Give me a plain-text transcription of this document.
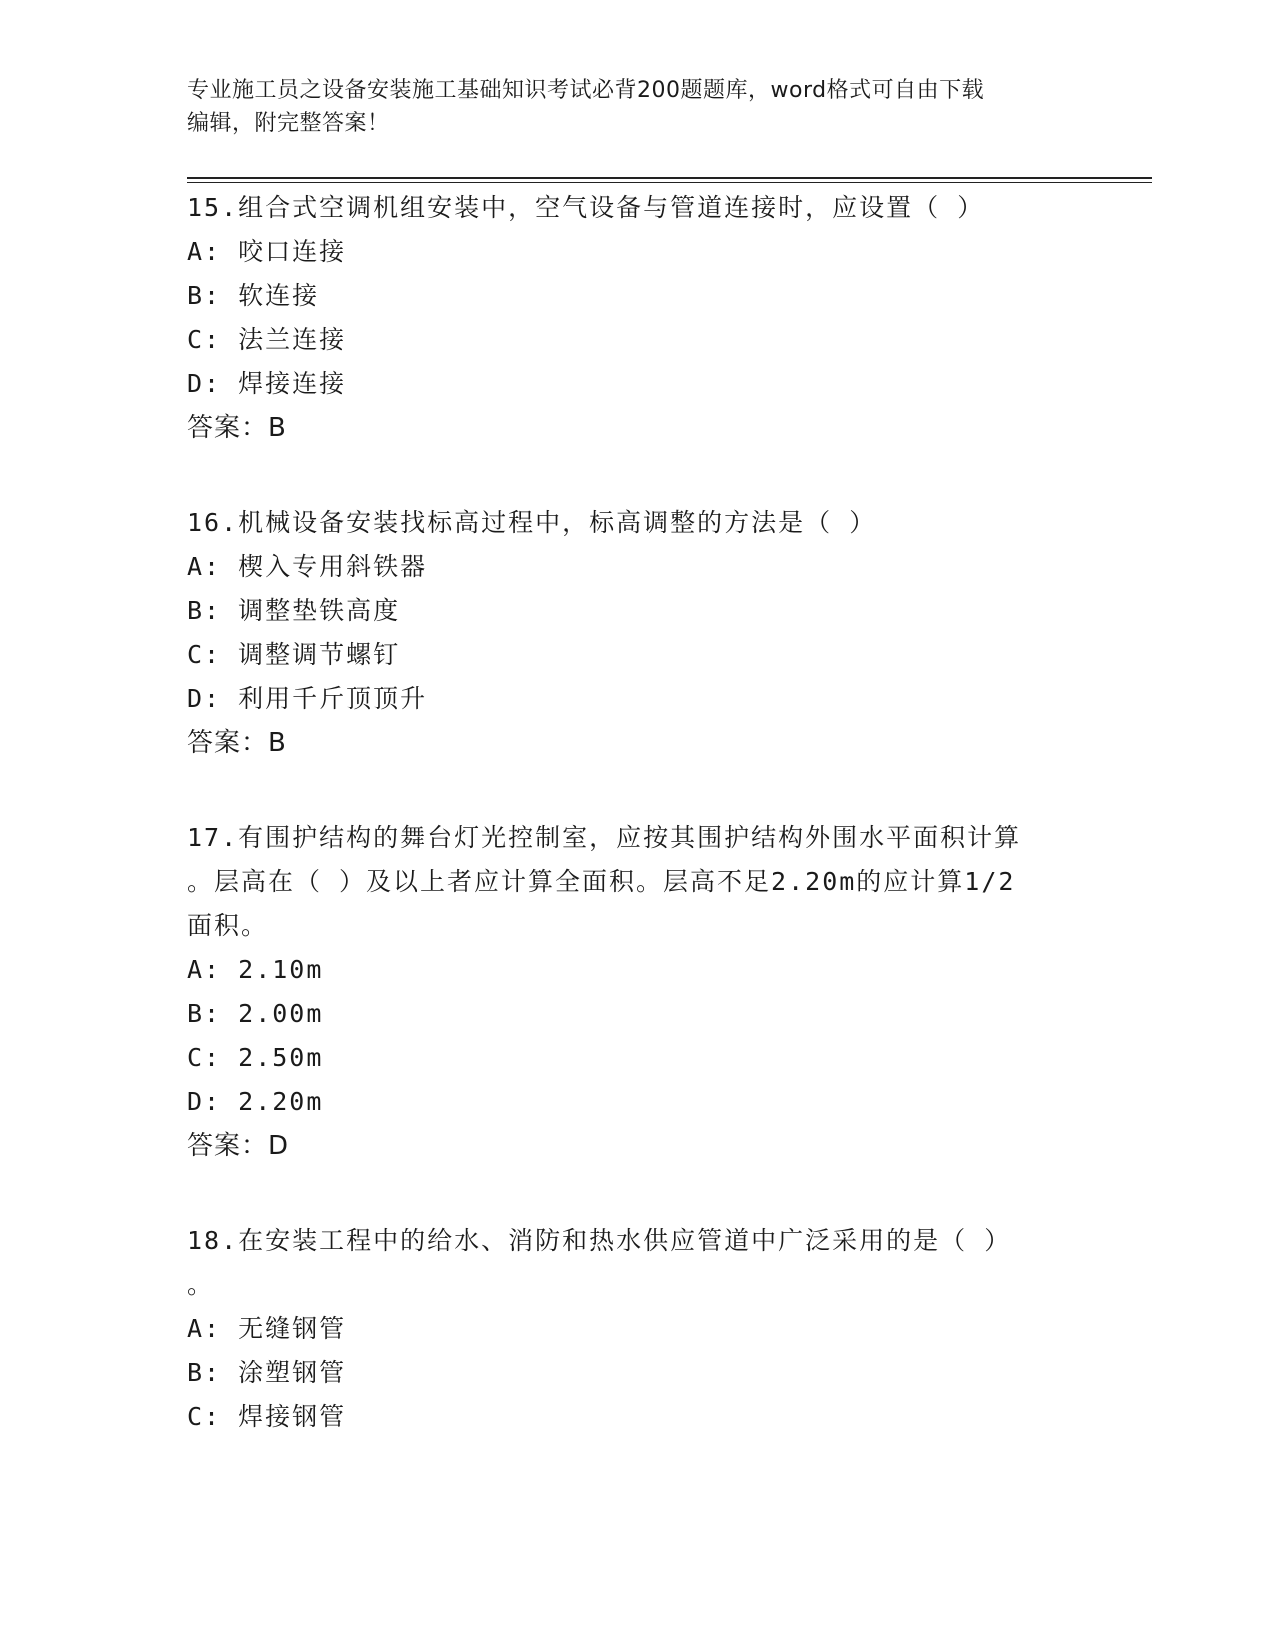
专业施工员之设备安装施工基础知识考试必背200题题库，word格式可自由下载
编辑，附完整答案！
15.组合式空调机组安装中，空气设备与管道连接时，应设置（ ）
A: 咬口连接
B: 软连接
C: 法兰连接
D: 焊接连接
答案：B
16.机械设备安装找标高过程中，标高调整的方法是（ ）
A: 楔入专用斜铁器
B: 调整垫铁高度
C: 调整调节螺钉
D: 利用千斤顶顶升
答案：B
17.有围护结构的舞台灯光控制室，应按其围护结构外围水平面积计算
。层高在（ ）及以上者应计算全面积。层高不足2.20m的应计算1/2
面积。
A: 2.10m
B: 2.00m
C: 2.50m
D: 2.20m
答案：D
18.在安装工程中的给水、消防和热水供应管道中广泛采用的是（ ）
。
A: 无缝钢管
B: 涂塑钢管
C: 焊接钢管
